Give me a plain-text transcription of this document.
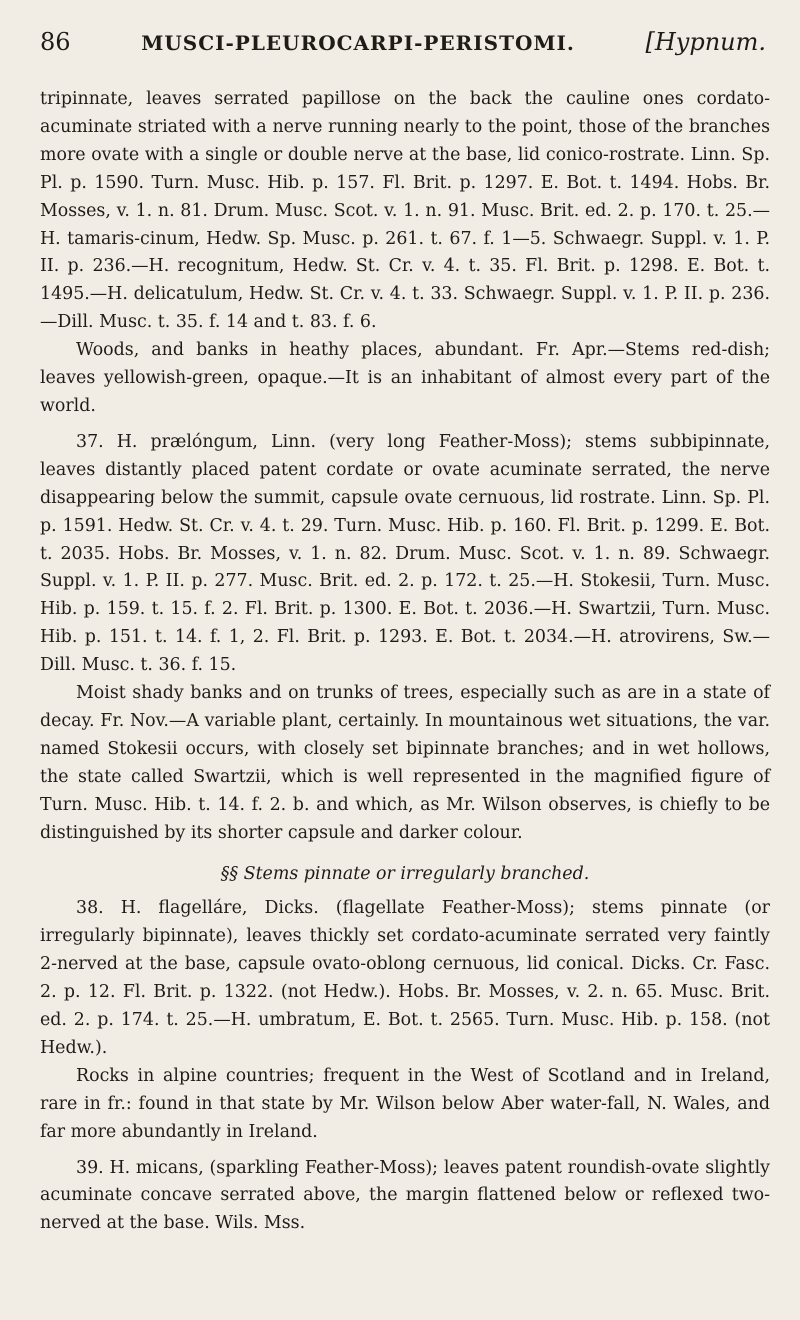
86	MUSCI-PLEUROCARPI-PERISTOMI.	[Hypnum.

tripinnate, leaves serrated papillose on the back the cauline ones cordato-acuminate striated with a nerve running nearly to the point, those of the branches more ovate with a single or double nerve at the base, lid conico-rostrate. Linn. Sp. Pl. p. 1590. Turn. Musc. Hib. p. 157. Fl. Brit. p. 1297. E. Bot. t. 1494. Hobs. Br. Mosses, v. 1. n. 81. Drum. Musc. Scot. v. 1. n. 91. Musc. Brit. ed. 2. p. 170. t. 25.—H. tamaris-cinum, Hedw. Sp. Musc. p. 261. t. 67. f. 1—5. Schwaegr. Suppl. v. 1. P. II. p. 236.—H. recognitum, Hedw. St. Cr. v. 4. t. 35. Fl. Brit. p. 1298. E. Bot. t. 1495.—H. delicatulum, Hedw. St. Cr. v. 4. t. 33. Schwaegr. Suppl. v. 1. P. II. p. 236.—Dill. Musc. t. 35. f. 14 and t. 83. f. 6.

Woods, and banks in heathy places, abundant. Fr. Apr.—Stems red-dish; leaves yellowish-green, opaque.—It is an inhabitant of almost every part of the world.

37. H. prælóngum, Linn. (very long Feather-Moss); stems subbipinnate, leaves distantly placed patent cordate or ovate acuminate serrated, the nerve disappearing below the summit, capsule ovate cernuous, lid rostrate. Linn. Sp. Pl. p. 1591. Hedw. St. Cr. v. 4. t. 29. Turn. Musc. Hib. p. 160. Fl. Brit. p. 1299. E. Bot. t. 2035. Hobs. Br. Mosses, v. 1. n. 82. Drum. Musc. Scot. v. 1. n. 89. Schwaegr. Suppl. v. 1. P. II. p. 277. Musc. Brit. ed. 2. p. 172. t. 25.—H. Stokesii, Turn. Musc. Hib. p. 159. t. 15. f. 2. Fl. Brit. p. 1300. E. Bot. t. 2036.—H. Swartzii, Turn. Musc. Hib. p. 151. t. 14. f. 1, 2. Fl. Brit. p. 1293. E. Bot. t. 2034.—H. atrovirens, Sw.—Dill. Musc. t. 36. f. 15.

Moist shady banks and on trunks of trees, especially such as are in a state of decay. Fr. Nov.—A variable plant, certainly. In mountainous wet situations, the var. named Stokesii occurs, with closely set bipinnate branches; and in wet hollows, the state called Swartzii, which is well represented in the magnified figure of Turn. Musc. Hib. t. 14. f. 2. b. and which, as Mr. Wilson observes, is chiefly to be distinguished by its shorter capsule and darker colour.

§§ Stems pinnate or irregularly branched.

38. H. flagelláre, Dicks. (flagellate Feather-Moss); stems pinnate (or irregularly bipinnate), leaves thickly set cordato-acuminate serrated very faintly 2-nerved at the base, capsule ovato-oblong cernuous, lid conical. Dicks. Cr. Fasc. 2. p. 12. Fl. Brit. p. 1322. (not Hedw.). Hobs. Br. Mosses, v. 2. n. 65. Musc. Brit. ed. 2. p. 174. t. 25.—H. umbratum, E. Bot. t. 2565. Turn. Musc. Hib. p. 158. (not Hedw.).

Rocks in alpine countries; frequent in the West of Scotland and in Ireland, rare in fr.: found in that state by Mr. Wilson below Aber water-fall, N. Wales, and far more abundantly in Ireland.

39. H. micans, (sparkling Feather-Moss); leaves patent roundish-ovate slightly acuminate concave serrated above, the margin flattened below or reflexed two-nerved at the base. Wils. Mss.
